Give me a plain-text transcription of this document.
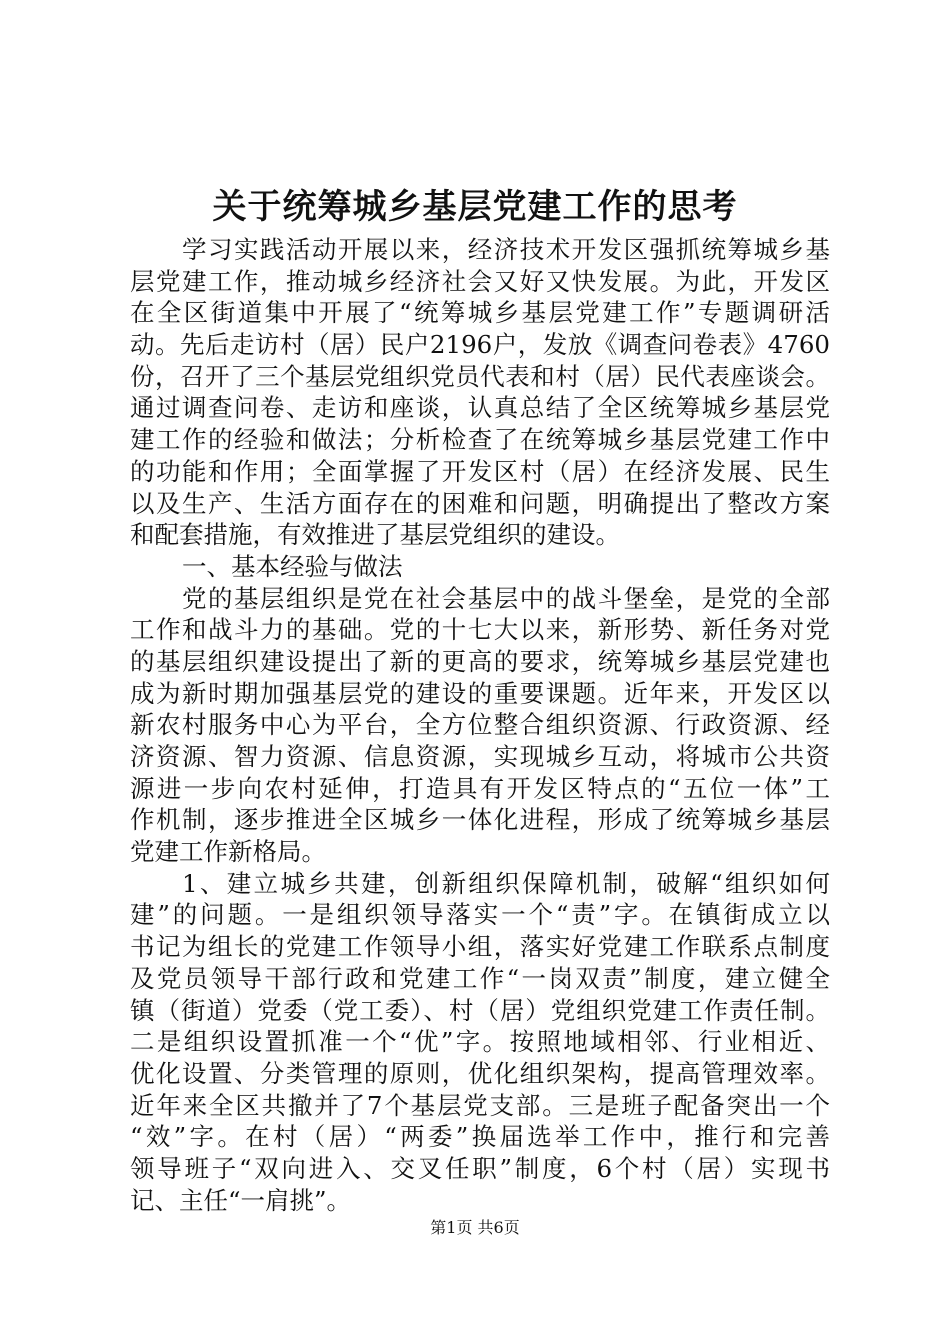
关于统筹城乡基层党建工作的思考
学习实践活动开展以来，经济技术开发区强抓统筹城乡基
层党建工作，推动城乡经济社会又好又快发展。为此，开发区
在全区街道集中开展了“统筹城乡基层党建工作”专题调研活
动。先后走访村（居）民户2196户，发放《调查问卷表》4760
份，召开了三个基层党组织党员代表和村（居）民代表座谈会。
通过调查问卷、走访和座谈，认真总结了全区统筹城乡基层党
建工作的经验和做法；分析检查了在统筹城乡基层党建工作中
的功能和作用；全面掌握了开发区村（居）在经济发展、民生
以及生产、生活方面存在的困难和问题，明确提出了整改方案
和配套措施，有效推进了基层党组织的建设。
一、基本经验与做法
党的基层组织是党在社会基层中的战斗堡垒，是党的全部
工作和战斗力的基础。党的十七大以来，新形势、新任务对党
的基层组织建设提出了新的更高的要求，统筹城乡基层党建也
成为新时期加强基层党的建设的重要课题。近年来，开发区以
新农村服务中心为平台，全方位整合组织资源、行政资源、经
济资源、智力资源、信息资源，实现城乡互动，将城市公共资
源进一步向农村延伸，打造具有开发区特点的“五位一体”工
作机制，逐步推进全区城乡一体化进程，形成了统筹城乡基层
党建工作新格局。
1、建立城乡共建，创新组织保障机制，破解“组织如何
建”的问题。一是组织领导落实一个“责”字。在镇街成立以
书记为组长的党建工作领导小组，落实好党建工作联系点制度
及党员领导干部行政和党建工作“一岗双责”制度，建立健全
镇（街道）党委（党工委）、村（居）党组织党建工作责任制。
二是组织设置抓准一个“优”字。按照地域相邻、行业相近、
优化设置、分类管理的原则，优化组织架构，提高管理效率。
近年来全区共撤并了7个基层党支部。三是班子配备突出一个
“效”字。在村（居）“两委”换届选举工作中，推行和完善
领导班子“双向进入、交叉任职”制度，6个村（居）实现书
记、主任“一肩挑”。
第1页 共6页
